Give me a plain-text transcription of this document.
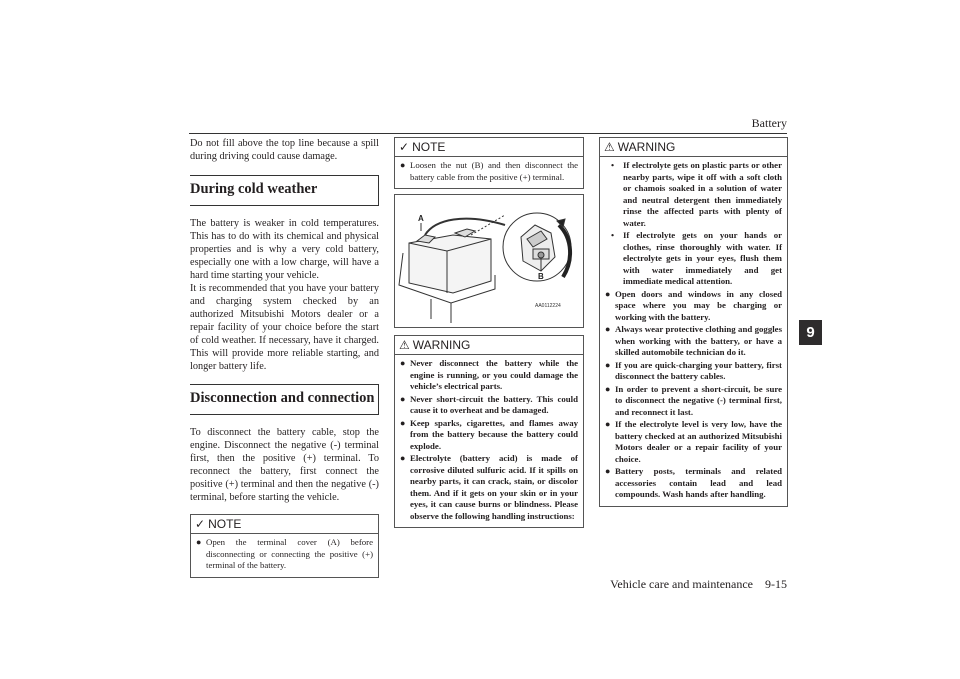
Battery
9
Vehicle care and maintenance    9-15

Do not fill above the top line because a spill during driving could cause damage.

During cold weather

The battery is weaker in cold temperatures. This has to do with its chemical and physical properties and is why a very cold battery, especially one with a low charge, will have a hard time starting your vehicle.

It is recommended that you have your battery and charging system checked by an authorized Mitsubishi Motors dealer or a repair facility of your choice before the start of cold weather. If necessary, have it charged. This will provide more reliable starting, and longer battery life.

Disconnection and connection

To disconnect the battery cable, stop the engine. Disconnect the negative (-) terminal first, then the positive (+) terminal. To reconnect the battery, first connect the positive (+) terminal and then the negative (-) terminal, before starting the vehicle.

✓ NOTE

● Open the terminal cover (A) before disconnecting or connecting the positive (+) terminal of the battery.

✓ NOTE

● Loosen the nut (B) and then disconnect the battery cable from the positive (+) terminal.

A
B
AA0112224
⚠ WARNING

● Never disconnect the battery while the engine is running, or you could damage the vehicle’s electrical parts.

● Never short-circuit the battery. This could cause it to overheat and be damaged.

● Keep sparks, cigarettes, and flames away from the battery because the battery could explode.

● Electrolyte (battery acid) is made of corrosive diluted sulfuric acid. If it spills on nearby parts, it can crack, stain, or discolor them. And if it gets on your skin or in your eyes, it can cause burns or blindness. Please observe the following handling instructions:

⚠ WARNING

• If electrolyte gets on plastic parts or other nearby parts, wipe it off with a soft cloth or chamois soaked in a solution of water and neutral detergent then immediately rinse the affected parts with plenty of water.

• If electrolyte gets on your hands or clothes, rinse thoroughly with water. If electrolyte gets in your eyes, flush them with water immediately and get immediate medical attention.

● Open doors and windows in any closed space where you may be charging or working with the battery.

● Always wear protective clothing and goggles when working with the battery, or have a skilled automobile technician do it.

● If you are quick-charging your battery, first disconnect the battery cables.

● In order to prevent a short-circuit, be sure to disconnect the negative (-) terminal first, and reconnect it last.

● If the electrolyte level is very low, have the battery checked at an authorized Mitsubishi Motors dealer or a repair facility of your choice.

● Battery posts, terminals and related accessories contain lead and lead compounds. Wash hands after handling.
